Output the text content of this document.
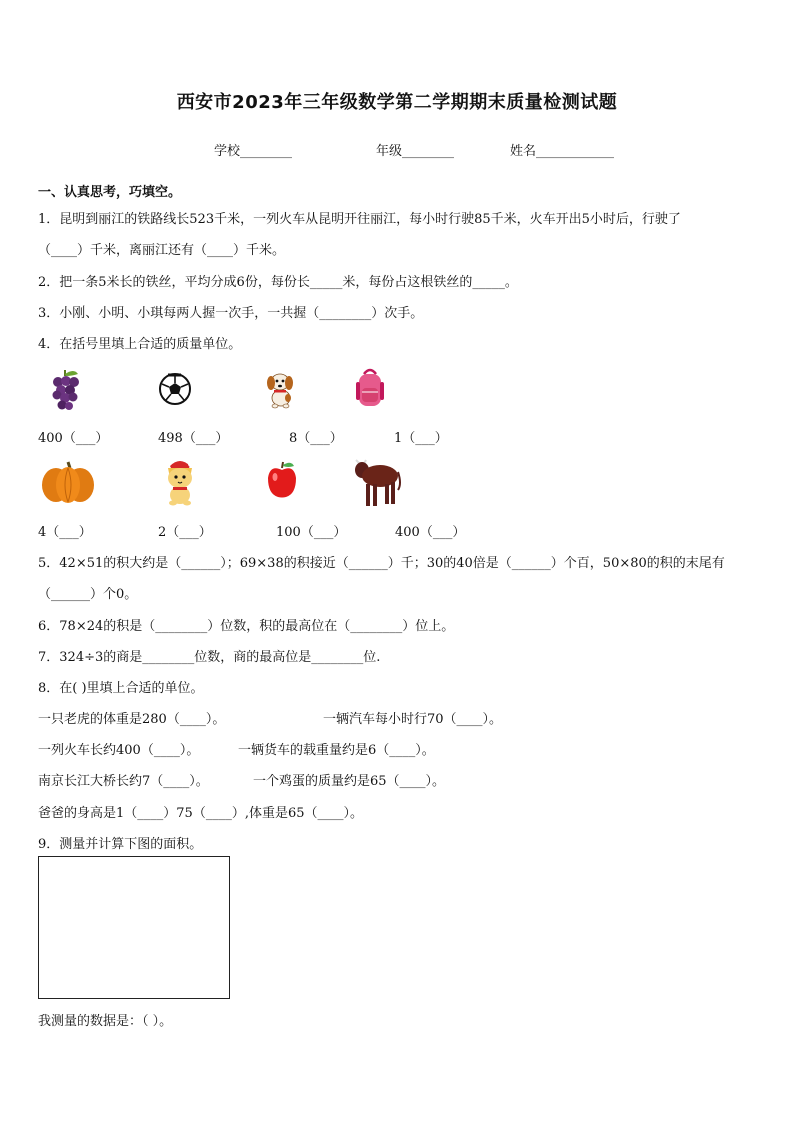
西安市2023年三年级数学第二学期期末质量检测试题
学校________	年级________	姓名____________
一、认真思考，巧填空。
1．昆明到丽江的铁路线长523千米，一列火车从昆明开往丽江，每小时行驶85千米，火车开出5小时后，行驶了
（____）千米，离丽江还有（____）千米。
2．把一条5米长的铁丝，平均分成6份，每份长_____米，每份占这根铁丝的_____。
3．小刚、小明、小琪每两人握一次手，一共握（________）次手。
4．在括号里填上合适的质量单位。
400（___）	498（___）	8（___）	1（___）
4（___）	2（___）	100（___）	400（___）
5．42×51的积大约是（______）；69×38的积接近（______）千；30的40倍是（______）个百，50×80的积的末尾有
（______）个0。
6．78×24的积是（________）位数，积的最高位在（________）位上。
7．324÷3的商是________位数，商的最高位是________位.
8．在( )里填上合适的单位。
一只老虎的体重是280（____）。	一辆汽车每小时行70（____）。
一列火车长约400（____）。	一辆货车的载重量约是6（____）。
南京长江大桥长约7（____）。	一个鸡蛋的质量约是65（____）。
爸爸的身高是1（____）75（____）,体重是65（____）。
9．测量并计算下图的面积。
我测量的数据是：（ ）。
